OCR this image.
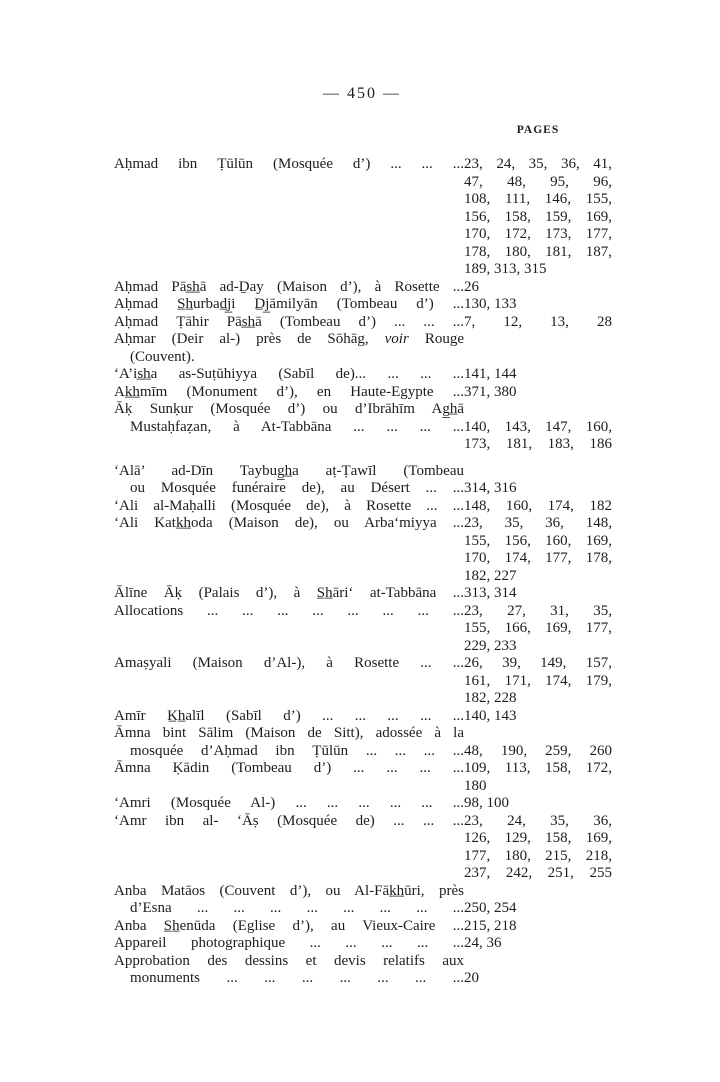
— 450 —
PAGES
Aḥmad ibn Ṭūlūn (Mosquée d’) ... ... ... 23, 24, 35, 36, 41,
47, 48, 95, 96,
108, 111, 146, 155,
156, 158, 159, 169,
170, 172, 173, 177,
178, 180, 181, 187,
189, 313, 315
Aḥmad Pās̲h̲ā ad-Ḏay (Maison d’), à Rosette ... 26
Aḥmad S̲h̲urbad̲j̲i D̲j̲āmilyān (Tombeau d’) ... 130, 133
Aḥmad Ṭāhir Pās̲h̲ā (Tombeau d’) ... ... ... 7, 12, 13, 28
Aḥmar (Deir al-) près de Sōhāg, voir Rouge
(Couvent).
‘A’is̲h̲a as-Suṭūhiyya (Sabīl de)... ... ... ... 141, 144
Ak̲h̲mīm (Monument d’), en Haute-Egypte ... 371, 380
Āḳ Sunḳur (Mosquée d’) ou d’Ibrāhīm Ag̲h̲ā
Mustaḥfaẓan, à At-Tabbāna ... ... ... ... 140, 143, 147, 160,
173, 181, 183, 186
‘Alā’ ad-Dīn Taybug̲h̲a aṭ-Ṭawīl (Tombeau
ou Mosquée funéraire de), au Désert ... ... 314, 316
‘Ali al-Maḥalli (Mosquée de), à Rosette ... ... 148, 160, 174, 182
‘Ali Katk̲h̲oda (Maison de), ou Arba‘miyya ... 23, 35, 36, 148,
155, 156, 160, 169,
170, 174, 177, 178,
182, 227
Ālīne Āḳ (Palais d’), à S̲h̲āri‘ at-Tabbāna ... 313, 314
Allocations ... ... ... ... ... ... ... ... 23, 27, 31, 35,
155, 166, 169, 177,
229, 233
Amaṣyali (Maison d’Al-), à Rosette ... ... 26, 39, 149, 157,
161, 171, 174, 179,
182, 228
Amīr K̲h̲alīl (Sabīl d’) ... ... ... ... ... 140, 143
Āmna bint Sālim (Maison de Sitt), adossée à la
mosquée d’Aḥmad ibn Ṭūlūn ... ... ... ... 48, 190, 259, 260
Āmna Ḳādin (Tombeau d’) ... ... ... ... 109, 113, 158, 172,
180
‘Amri (Mosquée Al-) ... ... ... ... ... ... 98, 100
‘Amr ibn al- ‘Āṣ (Mosquée de) ... ... ... 23, 24, 35, 36,
126, 129, 158, 169,
177, 180, 215, 218,
237, 242, 251, 255
Anba Matāos (Couvent d’), ou Al-Fāk̲h̲ūri, près
d’Esna ... ... ... ... ... ... ... ... 250, 254
Anba S̲h̲enūda (Eglise d’), au Vieux-Caire ... 215, 218
Appareil photographique ... ... ... ... ... 24, 36
Approbation des dessins et devis relatifs aux
monuments ... ... ... ... ... ... ... 20
